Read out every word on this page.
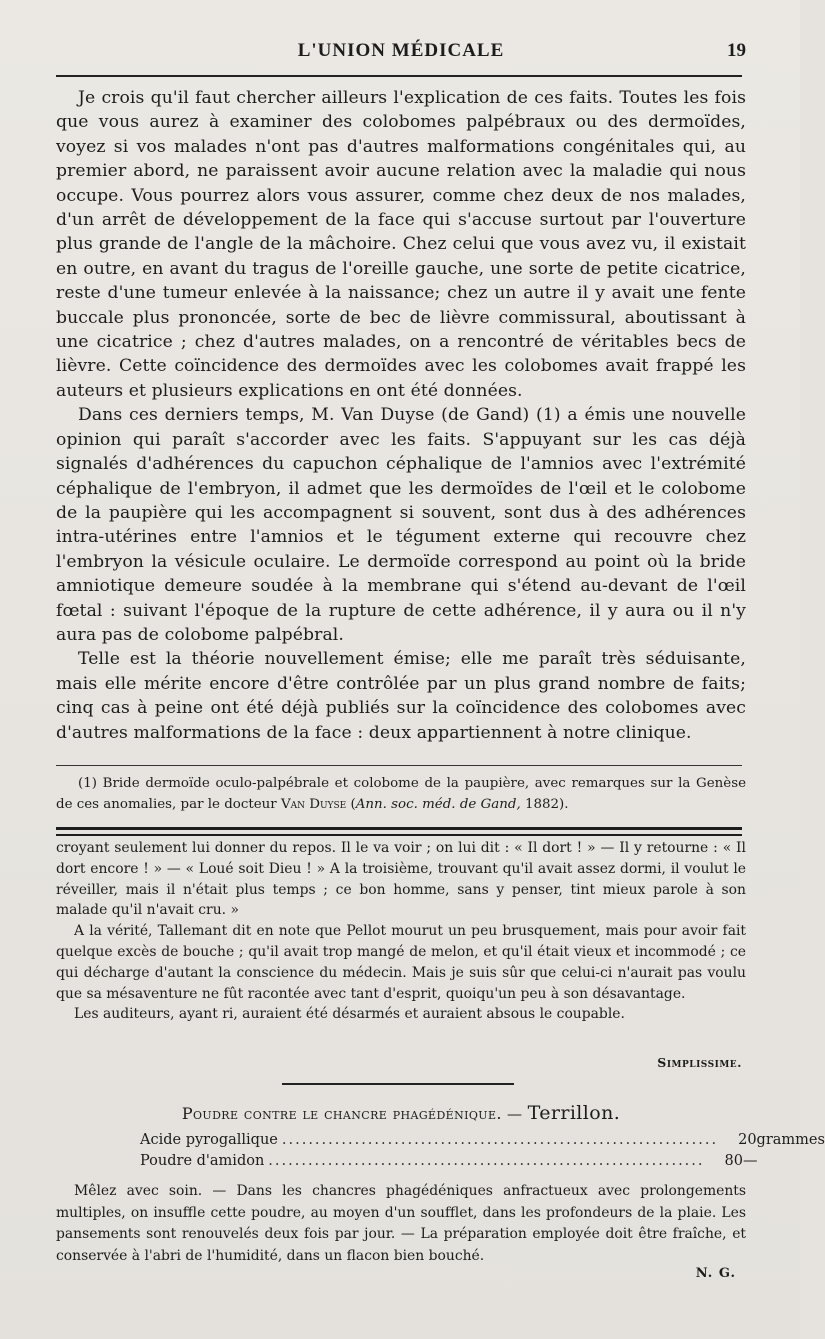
L'UNION MÉDICALE	19

Je crois qu'il faut chercher ailleurs l'explication de ces faits. Toutes les fois que vous aurez à examiner des colobomes palpébraux ou des dermoïdes, voyez si vos malades n'ont pas d'autres malformations congénitales qui, au premier abord, ne paraissent avoir aucune relation avec la maladie qui nous occupe. Vous pourrez alors vous assurer, comme chez deux de nos malades, d'un arrêt de développement de la face qui s'accuse surtout par l'ouverture plus grande de l'angle de la mâchoire. Chez celui que vous avez vu, il existait en outre, en avant du tragus de l'oreille gauche, une sorte de petite cicatrice, reste d'une tumeur enlevée à la naissance; chez un autre il y avait une fente buccale plus prononcée, sorte de bec de lièvre commissural, aboutissant à une cicatrice ; chez d'autres malades, on a rencontré de véritables becs de lièvre. Cette coïncidence des dermoïdes avec les colobomes avait frappé les auteurs et plusieurs explications en ont été données.

Dans ces derniers temps, M. Van Duyse (de Gand) (1) a émis une nouvelle opinion qui paraît s'accorder avec les faits. S'appuyant sur les cas déjà signalés d'adhérences du capuchon céphalique de l'amnios avec l'extrémité céphalique de l'embryon, il admet que les dermoïdes de l'œil et le colobome de la paupière qui les accompagnent si souvent, sont dus à des adhérences intra-utérines entre l'amnios et le tégument externe qui recouvre chez l'embryon la vésicule oculaire. Le dermoïde correspond au point où la bride amniotique demeure soudée à la membrane qui s'étend au-devant de l'œil fœtal : suivant l'époque de la rupture de cette adhérence, il y aura ou il n'y aura pas de colobome palpébral.

Telle est la théorie nouvellement émise; elle me paraît très séduisante, mais elle mérite encore d'être contrôlée par un plus grand nombre de faits; cinq cas à peine ont été déjà publiés sur la coïncidence des colobomes avec d'autres malformations de la face : deux appartiennent à notre clinique.

(1) Bride dermoïde oculo-palpébrale et colobome de la paupière, avec remarques sur la Genèse de ces anomalies, par le docteur Van Duyse (Ann. soc. méd. de Gand, 1882).

croyant seulement lui donner du repos. Il le va voir ; on lui dit : « Il dort ! » — Il y retourne : « Il dort encore ! » — « Loué soit Dieu ! » A la troisième, trouvant qu'il avait assez dormi, il voulut le réveiller, mais il n'était plus temps ; ce bon homme, sans y penser, tint mieux parole à son malade qu'il n'avait cru. »

A la vérité, Tallemant dit en note que Pellot mourut un peu brusquement, mais pour avoir fait quelque excès de bouche ; qu'il avait trop mangé de melon, et qu'il était vieux et incommodé ; ce qui décharge d'autant la conscience du médecin. Mais je suis sûr que celui-ci n'aurait pas voulu que sa mésaventure ne fût racontée avec tant d'esprit, quoiqu'un peu à son désavantage.

Les auditeurs, ayant ri, auraient été désarmés et auraient absous le coupable.

Simplissime.
Poudre contre le chancre phagédénique. — Terrillon.
Acide pyrogallique .................................................................. 20 grammes
Poudre d'amidon .................................................................. 80 —

Mêlez avec soin. — Dans les chancres phagédéniques anfractueux avec prolongements multiples, on insuffle cette poudre, au moyen d'un soufflet, dans les profondeurs de la plaie. Les pansements sont renouvelés deux fois par jour. — La préparation employée doit être fraîche, et conservée à l'abri de l'humidité, dans un flacon bien bouché.

N. G.
